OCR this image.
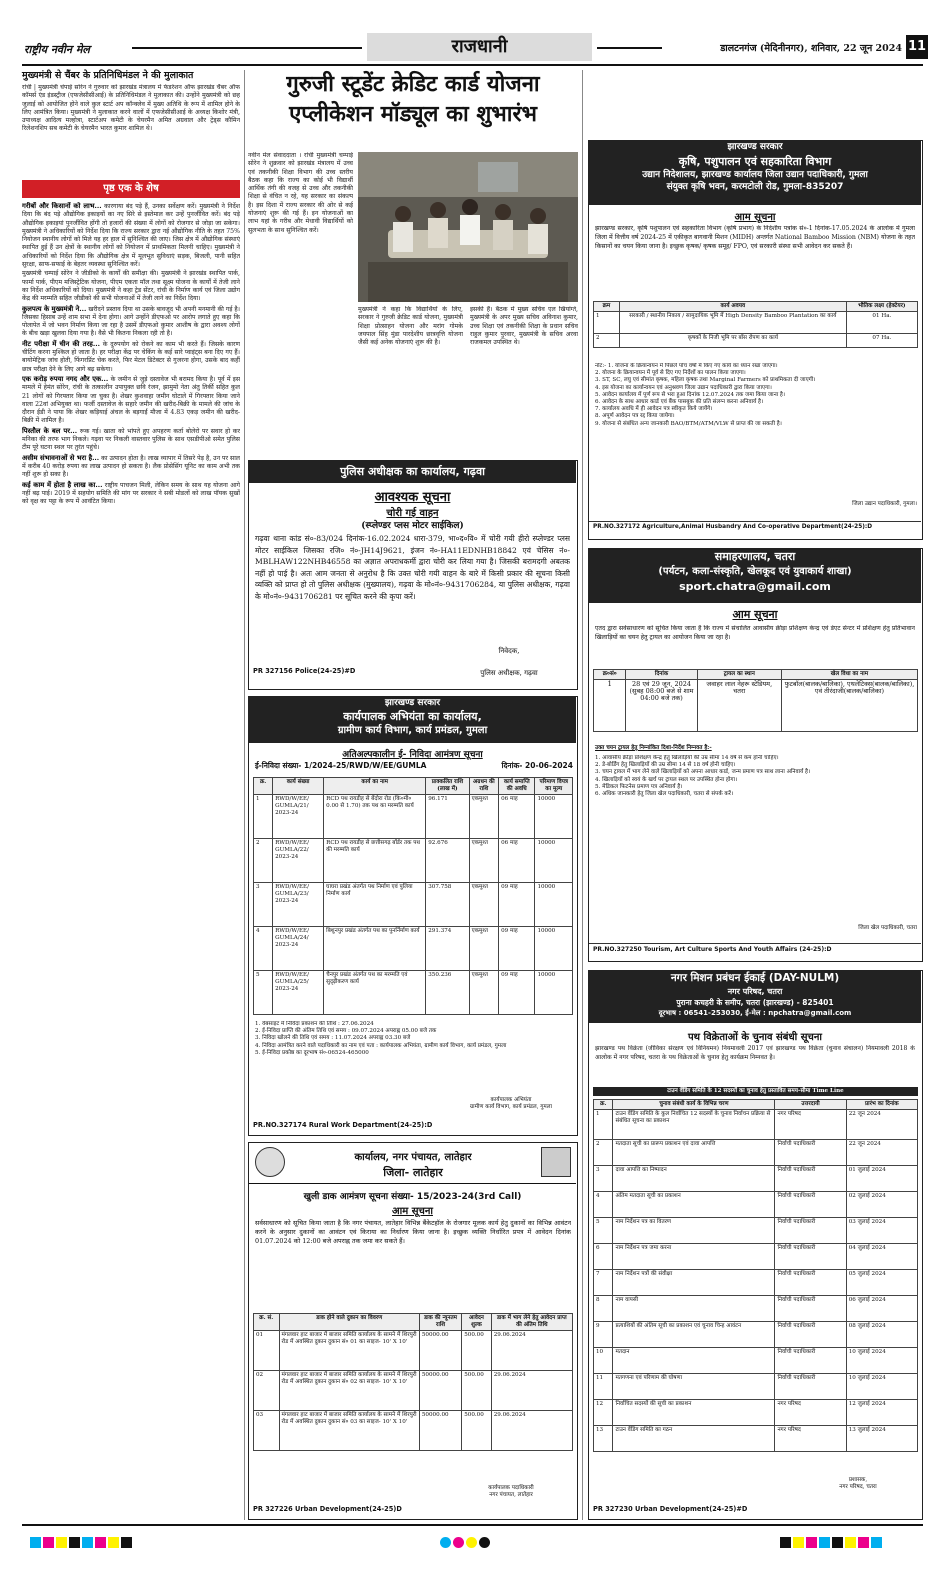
राष्ट्रीय नवीन मेल	राजधानी	डालटनगंज (मेदिनीनगर), शनिवार, 22 जून 2024 11
मुख्यमंत्री से चैंबर के प्रतिनिधिमंडल ने की मुलाकात
रांची | मुख्यमंत्री चंपाई सोरेन ने गुरुवार को झारखंड मंत्रालय में फेडरेशन ऑफ झारखंड चैंबर ऑफ कॉमर्स एंड इंडस्ट्रीज (एफजेसीसीआई) के प्रतिनिधिमंडल ने मुलाकात की। उन्होंने मुख्यमंत्री को छह जुलाई को आयोजित होने वाले कुल स्टार्ट अप कॉन्क्लेव में मुख्य अतिथि के रूप में शामिल होने के लिए आमंत्रित किया। मुख्यमंत्री ने मुलाकात करने वालों में एफजेसीसीआई के अध्यक्ष किशोर मंत्री, उपाध्यक्ष आदित्य मल्होत्रा, स्टार्टअप कमेटी के चेयरमैन अमित अग्रवाल और ट्रेड्स कौमिन रिलेशनशिप सब कमेटी के चेयरमैन भारत कुमार शामिल थे।
पृष्ठ एक के शेष

गरीबों और किसानों को लाभ... कारगाया बंद पड़े हैं, उनका सर्वेक्षण करें। मुख्यमंत्री ने निर्देश दिया कि बंद पड़े औद्योगिक इकाइयों का नए सिरे से इस्तेमाल कर उन्हें पुनर्जीवित करें। बंद पड़े औद्योगिक इकाइयां पुनर्जीवित होंगी तो हजारों की संख्या में लोगों को रोजगार से जोड़ा जा सकेगा। मुख्यमंत्री ने अधिकारियों को निर्देश दिया कि राज्य सरकार द्वारा नई औद्योगिक नीति के तहत 75% नियोजन स्थानीय लोगों को मिले यह हर हाल में सुनिश्चित की जाए। जिस क्षेत्र में औद्योगिक संस्थाएं स्थापित हुई हैं उन क्षेत्रों के स्थानीय लोगों को नियोजन में प्राथमिकता मिलनी चाहिए। मुख्यमंत्री ने अधिकारियों को निर्देश दिया कि औद्योगिक क्षेत्र में मूलभूत सुविधाएं सड़क, बिजली, पानी सहित सुरक्षा, साफ-सफाई के बेहतर व्यवस्था सुनिश्चित करें।

मुख्यमंत्री चम्पाई सोरेन ने जीडीको के कार्यों की समीक्षा की। मुख्यमंत्री ने झारखंड स्थापित पार्क, फार्मा पार्क, पीएम मजिस्ट्रेटिक योजना, पीएम एकता मॉल तथा सूक्ष्म योजना के कार्यों में तेजी लाने का निर्देश अधिकारियों को दिया। मुख्यमंत्री ने कहा ट्रेड सेंटर, रांची के निर्माण कार्य एवं जिला उद्योग केंद्र की मरम्मति सहित जीडीको की सभी योजनाओं में तेजी लाने का निर्देश दिया।

कुलपत्य के मुख्यमंत्री ने... खरीदने प्रस्ताव दिया था उसके बावजूद भी अपनी मनमानी की गई है। जिसका हिसाब उन्हें शाम सभा में देना होगा। आगे उन्होंने डीएफओ पर आरोप लगाते हुए कहा कि पोलापेत में जो भवन निर्माण किया जा रहा है उसमें डीएफओ कुमार आशीष के द्वारा अवश्य लोगों के बीच खड़ा खुलवा दिया गया है। वैसे भी कितना निकला रही तो है।

नीट परीक्षा में चीन की तरह... के दुरुपयोग को रोकने का काम भी करते हैं। जिसके कारण चीटिंग करना मुश्किल हो जाता है। हर परीक्षा केंद्र पर चेकिंग के कई सारे प्वाइंट्स बना दिए गए हैं। बायोमेट्रिक जांच होती, फिंगरप्रिंट चेक करते, फिर मेटल डिटेक्टर से गुजरना होगा, उसके बाद कहीं छात्र परीक्षा देने के लिए आगे बढ़ सकेगा।

एक करोड़ रुपया नगद और एक... के जमीन से जुड़े दस्तावेज भी बरामद किया है। पूर्व में इस मामले में हेमंत सोरेन, रांची के तत्कालीन उपायुक्त छवि रंजन, झामुमो नेता अंतु तिर्की सहित कुल 21 लोगों को गिरफ्तार किया जा चुका है। शेखर कुशवाहा जमीन घोटाले में गिरफ्तार किया जाने वाला 22वां अभियुक्त था। फर्जी दस्तावेज के सहारे जमीन की खरीद-बिक्री के मामले की जांच के दौरान ईडी ने पाया कि शेखर कड़ियाई अंचल के बड़गाईं मौजा में 4.83 एकड़ जमीन की खरीद-बिक्री में शामिल है।

पिस्तौल के बल पर... रूक गई। खाता को भांपते हुए अपहरण कर्ता बोलेरो पर सवार हो कर मनिका की तरफ भाग निकले। गढ़वा पर निकली वास्तवार पुलिस के साथ एसडीपीओ समेत पुलिस टीम पूरे घटना स्थल पर तुरंत पहुंचे।

असीम संभावनाओं से भरा है... का उत्पादन होता है। लाख व्यापार में तिसरे पेड़ है, उन पर साल में करीब 40 करोड़ रुपया का लाख उत्पादन हो सकता है। लैक प्रोसेसिंग यूनिट का काम अभी तक नहीं शुरू हो सका है।

कई काम में होता है लाख का... राष्ट्रीय पाचजन मिली, लेकिन समय के साथ यह योजना आगे नहीं बढ़ पाई। 2019 में सहयोग समिति की मांग पर सरकार ने सबी मोडलों को लाख पॉयक सुखों को वृक्ष का पट्टा के रूप में आवंटित किया।

गुरुजी स्टूडेंट क्रेडिट कार्ड योजना
एप्लीकेशन मॉड्यूल का शुभारंभ
नवीन मेल संवाददाता । रांची मुख्यमंत्री चम्पाई सोरेन ने शुक्रवार को झारखंड मंत्रालय में उच्च एवं तकनीकी शिक्षा विभाग की उच्च स्तरीय बैठक कहा कि राज्य का कोई भी विद्यार्थी आर्थिक तंगी की वजह से उच्च और तकनीकी शिक्षा से वंचित न रहे, यह सरकार का संकल्प है। इस दिशा में राज्य सरकार की ओर से कई योजनाएं शुरू की गई हैं। इन योजनाओं का लाभ यहां के गरीब और मेधावी विद्यार्थियों को सुलभता के साथ सुनिश्चित करें।
मुख्यमंत्री ने कहा कि विद्यार्थियों के लिए, सरकार ने गुरुजी क्रेडिट कार्ड योजना, मुख्यमंत्री शिक्षा प्रोत्साहन योजना और मरांग गोमके जयपाल सिंह मुंडा पारदेशीय छात्रवृत्ति योजना जैसी कई अनेक योजनाएं शुरू की है।
इसकी हैं। बैठक में मुख्य सचिव एल खियांग्ते, मुख्यमंत्री के अपर मुख्य सचिव अविनाश कुमार, उच्च शिक्षा एवं तकनीकी शिक्षा के प्रधान सचिव राहुल कुमार पुरवार, मुख्यमंत्री के सचिव अरवा राजकमल उपस्थित थे।
पुलिस अधीक्षक का कार्यालय, गढ़वा
आवश्यक सूचना
चोरी गई वाहन
(स्प्लेण्डर प्लस मोटर साईकिल)
गढ़वा थाना कांड सं०-83/024 दिनांक-16.02.2024 धारा-379, भा०द०वि० में चोरी गयी हीरो स्प्लेण्डर प्लस मोटर साईकिल जिसका रजि० नं०-JH14J9621, इंजन नं०-HA11EDNHB18842 एवं चेसिस नं०-MBLHAW122NHB46558 का अज्ञात अपराधकर्मी द्वारा चोरी कर लिया गया है। जिसकी बरामदगी अबतक नहीं हो पाई है। अतः आम जनता से अनुरोध है कि उक्त चोरी गयी वाहन के बारे में किसी प्रकार की सूचना किसी व्यक्ति को प्राप्त हो तो पुलिस अधीक्षक (मुख्यालय), गढ़वा के मो०नं०-9431706284, या पुलिस अधीक्षक, गढ़वा के मो०नं०-9431706281 पर सूचित करने की कृपा करें।
निवेदक,
PR 327156 Police(24-25)#D	पुलिस अधीक्षक, गढ़वा
झारखण्ड सरकार
कार्यपालक अभियंता का कार्यालय,
ग्रामीण कार्य विभाग, कार्य प्रमंडल, गुमला
अतिअल्पकालीन ई- निविदा आमंत्रण सूचना
ई-निविदा संख्या- 1/2024-25/RWD/W/EE/GUMLA	दिनांक- 20-06-2024
क्र.	कार्य संख्या	कार्य का नाम	प्राक्कलित राशि (लाख में)	अग्रधन की राशि	कार्य समाप्ति की अवधि	परिमाण विपत्र का मूल्य
1	RWD/W/EE/ GUMLA/21/ 2023-24	RCD पथ रायडीह से बेंदोरा रोड (कि०मी० 0.00 से 1.70) तक पथ का मरम्मति कार्य	96.171	एकमुश्त	06 माह	10000
2	RWD/W/EE/ GUMLA/22/ 2023-24	RCD पथ रायडीह से छत्तीसगढ़ बॉर्डर तक पथ की मरम्मति कार्य	92.676	एकमुश्त	06 माह	10000
3	RWD/W/EE/ GUMLA/23/ 2023-24	घाघरा प्रखंड अंतर्गत पथ निर्माण एवं पुलिया निर्माण कार्य	307.758	एकमुश्त	09 माह	10000
4	RWD/W/EE/ GUMLA/24/ 2023-24	बिशुनपुर प्रखंड अंतर्गत पथ का पुनर्निर्माण कार्य	291.374	एकमुश्त	09 माह	10000
5	RWD/W/EE/ GUMLA/25/ 2023-24	चैनपुर प्रखंड अंतर्गत पथ का मरम्मति एवं सुदृढ़ीकरण कार्य	350.236	एकमुश्त	09 माह	10000
1. वेबसाइट में निविदा प्रकाशन की तिथि : 27.06.2024
2. ई-निविदा प्राप्ति की अंतिम तिथि एवं समय : 09.07.2024 अपराह्न 05.00 बजे तक
3. निविदा खोलने की तिथि एवं समय : 11.07.2024 अपराह्न 03.30 बजे
4. निविदा आमंत्रित करने वाले पदाधिकारी का नाम एवं पता : कार्यपालक अभियंता, ग्रामीण कार्य विभाग, कार्य प्रमंडल, गुमला
5. ई-निविदा प्रकोष्ठ का दूरभाष सं०-06524-465000
कार्यपालक अभियंता
ग्रामीण कार्य विभाग, कार्य प्रमंडल, गुमला
PR.NO.327174 Rural Work Department(24-25):D
कार्यालय, नगर पंचायत, लातेहार
जिला- लातेहार
खुली डाक आमंत्रण सूचना संख्या- 15/2023-24(3rd Call)
आम सूचना
सर्वसाधारण को सूचित किया जाता है कि नगर पंचायत, लातेहार विभिन्न बैंकेटहॉल के रोजगार मूलक कार्य हेतु दुकानों का विभिन्न आवंटन करने के अनुसार दुकानों का आवंटन एवं किराया का निर्धारण किया जाना है। इच्छुक व्यक्ति निर्धारित प्रपत्र में आवेदन दिनांक 01.07.2024 को 12:00 बजे अपराह्न तक जमा कर सकते हैं।
क्र. सं.	डाक होने वाले दुकान का विवरण	डाक की न्यूनतम राशि	आवेदन शुल्क	डाक में भाग लेने हेतु आवेदन प्राप्त की अंतिम तिथि
01	मंगलवार हाट बाजार में बाजार समिति कार्यालय के सामने में शिरपुरी रोड में अवस्थित दुकान दुकान सं० 01 का साइज- 10' X 10'	50000.00	500.00	29.06.2024
02	मंगलवार हाट बाजार में बाजार समिति कार्यालय के सामने में शिरपुरी रोड में अवस्थित दुकान दुकान सं० 02 का साइज- 10' X 10'	50000.00	500.00	29.06.2024
03	मंगलवार हाट बाजार में बाजार समिति कार्यालय के सामने में शिरपुरी रोड में अवस्थित दुकान दुकान सं० 03 का साइज- 10' X 10'	50000.00	500.00	29.06.2024
कार्यपालक पदाधिकारी
नगर पंचायत, लातेहार
PR 327226 Urban Development(24-25)D
झारखण्ड सरकार
कृषि, पशुपालन एवं सहकारिता विभाग
उद्यान निदेशालय, झारखण्ड कार्यालय जिला उद्यान पदाधिकारी, गुमला
संयुक्त कृषि भवन, करमटोली रोड, गुमला-835207
आम सूचना
झारखण्ड सरकार, कृषि पशुपालन एवं सहकारिता विभाग (कृषि प्रभाग) के निदेशीय पत्रांक सं०-1 दिनांक-17.05.2024 के आलोक में गुमला जिला में वित्तीय वर्ष 2024-25 में एकीकृत बागवानी मिशन (MIDH) अन्तर्गत National Bamboo Mission (NBM) योजना के तहत किसानों का चयन किया जाना है। इच्छुक कृषक/ कृषक समूह/ FPO, एवं सरकारी संस्था सभी आवेदन कर सकते हैं।
क्रम	कार्य अवयव	भौतिक लक्ष्य (हेक्टेयर)
1	सरकारी / स्थानीय निकाय / सामुदायिक भूमि में High Density Bamboo Plantation का कार्य	01 Ha.
2	कृषकों के निजी भूमि पर बाँस रोपण का कार्य	07 Ha.
नोट:- 1. योजना के क्रियान्वयन में पिछले पाँच वर्षों में किए गए कार्य का ध्यान रखा जाएगा।
2. योजना के क्रियान्वयन में पूर्व से दिए गए निर्देशों का पालन किया जाएगा।
3. ST, SC, लघु एवं सीमांत कृषक, महिला कृषक तथा Marginal Farmers को प्राथमिकता दी जाएगी।
4. इस योजना का कार्यान्वयन एवं अनुश्रवण जिला उद्यान पदाधिकारी द्वारा किया जाएगा।
5. आवेदन कार्यालय में पूर्ण रूप से भरा हुआ दिनांक 12.07.2024 तक जमा किया जाना है।
6. आवेदन के साथ आधार कार्ड एवं बैंक पासबुक की प्रति संलग्न करना अनिवार्य है।
7. कार्यालय अवधि में ही आवेदन पत्र स्वीकृत किये जायेंगे।
8. अपूर्ण आवेदन पत्र रद्द किया जायेगा।
9. योजना से संबंधित अन्य जानकारी BAO/BTM/ATM/VLW से प्राप्त की जा सकती है।
जिला उद्यान पदाधिकारी, गुमला।
PR.NO.327172 Agriculture,Animal Husbandry And Co-operative Department(24-25):D
समाहरणालय, चतरा
(पर्यटन, कला-संस्कृति, खेलकूद एवं युवाकार्य शाखा)
sport.chatra@gmail.com
आम सूचना
एतद द्वारा सर्वसाधारण को सूचित किया जाता है कि राज्य में संचालित आवासीय क्रीड़ा प्रशिक्षण केन्द्र एवं डेएट सेन्टर में प्रशिक्षण हेतु प्रतिभावान खिलाड़ियों का चयन हेतु ट्रायल का आयोजन किया जा रहा है।
क्र०सं०	दिनांक	ट्रायल का स्थान	खेल विधा का नाम
1	28 एवं 29 जून, 2024 (सुबह 08:00 बजे से शाम 04:00 बजे तक)	जवाहर लाल नेहरू स्टेडियम, चतरा	फुटबॉल(बालक/बालिका), एथलेटिक्स(बालक/बालिका), एवं तीरंदाजी(बालक/बालिका)
उक्त चयन ट्रायल हेतु निम्नांकित दिशा-निर्देश निम्नवत है:-
1. आवासीय क्रीड़ा प्रशिक्षण केन्द्र हेतु खिलाड़ियों की उम्र सीमा 14 वर्ष से कम होनी चाहिए।
2. डे-बोर्डिंग हेतु खिलाड़ियों की उम्र सीमा 14 से 18 वर्ष होनी चाहिए।
3. चयन ट्रायल में भाग लेने वाले खिलाड़ियों को अपना आधार कार्ड, जन्म प्रमाण पत्र साथ लाना अनिवार्य है।
4. खिलाड़ियों को स्वयं के खर्च पर ट्रायल स्थल पर उपस्थित होना होगा।
5. मेडिकल फिटनेस प्रमाण पत्र अनिवार्य है।
6. अधिक जानकारी हेतु जिला खेल पदाधिकारी, चतरा से संपर्क करें।
जिला खेल पदाधिकारी, चतरा
PR.NO.327250 Tourism, Art Culture Sports And Youth Affairs (24-25):D
नगर मिशन प्रबंधन ईकाई (DAY-NULM)
नगर परिषद, चतरा
पुराना कचहरी के समीप, चतरा (झारखण्ड) - 825401
दूरभाष : 06541-253030, ई-मेल : npchatra@gmail.com
पथ विक्रेताओं के चुनाव संबंधी सूचना
झारखण्ड पथ विक्रेता (जीविका संरक्षण एवं विनियमन) नियमावली 2017 एवं झारखण्ड पथ विक्रेता (चुनाव संचालन) नियमावली 2018 के आलोक में नगर परिषद, चतरा के पथ विक्रेताओं के चुनाव हेतु कार्यक्रम निम्नवत है।
टाउन वेंडिंग समिति के 12 सदस्यों का चुनाव हेतु प्रस्तावित समय-सीमा Time Line
क्र.	चुनाव संबंधी कार्य के विभिन्न चरण	उत्तरदायी	प्रारंभ का दिनांक
1	टाउन वेंडिंग समिति के कुल निर्वाचित 12 सदस्यों के चुनाव निर्वाचन प्रक्रिया से संबंधित सूचना का प्रकाशन	नगर परिषद	22 जून 2024
2	मतदाता सूची का प्रारूप प्रकाशन एवं दावा आपत्ति	निर्वाची पदाधिकारी	22 जून 2024
3	दावा आपत्ति का निष्पादन	निर्वाची पदाधिकारी	01 जुलाई 2024
4	अंतिम मतदाता सूची का प्रकाशन	निर्वाची पदाधिकारी	02 जुलाई 2024
5	नाम निर्देशन पत्र का वितरण	निर्वाची पदाधिकारी	03 जुलाई 2024
6	नाम निर्देशन पत्र जमा करना	निर्वाची पदाधिकारी	04 जुलाई 2024
7	नाम निर्देशन पत्रों की संवीक्षा	निर्वाची पदाधिकारी	05 जुलाई 2024
8	नाम वापसी	निर्वाची पदाधिकारी	06 जुलाई 2024
9	प्रत्याशियों की अंतिम सूची का प्रकाशन एवं चुनाव चिन्ह आवंटन	निर्वाची पदाधिकारी	08 जुलाई 2024
10	मतदान	निर्वाची पदाधिकारी	10 जुलाई 2024
11	मतगणना एवं परिणाम की घोषणा	निर्वाची पदाधिकारी	10 जुलाई 2024
12	निर्वाचित सदस्यों की सूची का प्रकाशन	नगर परिषद	12 जुलाई 2024
13	टाउन वेंडिंग समिति का गठन	नगर परिषद	13 जुलाई 2024
प्रशासक,
नगर परिषद, चतरा
PR 327230 Urban Development(24-25)#D
